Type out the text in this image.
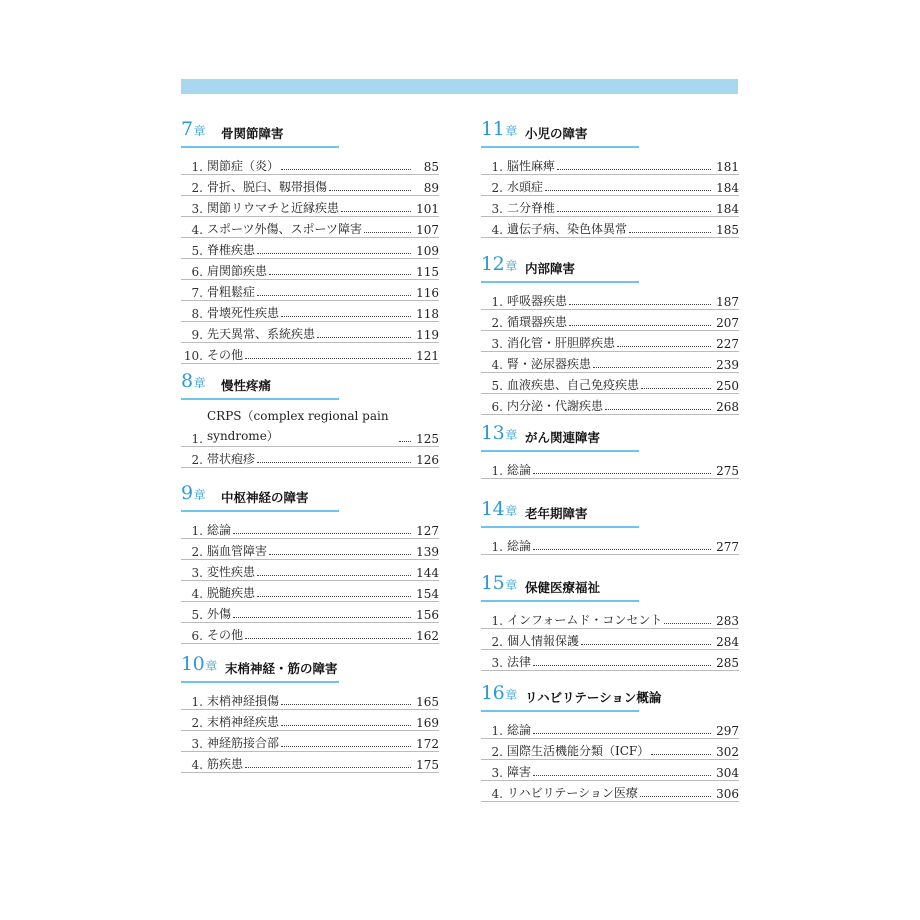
7章 骨関節障害
1. 関節症（炎）	85
2. 骨折、脱臼、靱帯損傷	89
3. 関節リウマチと近縁疾患	101
4. スポーツ外傷、スポーツ障害	107
5. 脊椎疾患	109
6. 肩関節疾患	115
7. 骨粗鬆症	116
8. 骨壊死性疾患	118
9. 先天異常、系統疾患	119
10. その他	121
8章 慢性疼痛
1.
CRPS（complex regional pain syndrome）	125
2. 帯状疱疹	126
9章 中枢神経の障害
1. 総論	127
2. 脳血管障害	139
3. 変性疾患	144
4. 脱髄疾患	154
5. 外傷	156
6. その他	162
10章 末梢神経・筋の障害
1. 末梢神経損傷	165
2. 末梢神経疾患	169
3. 神経筋接合部	172
4. 筋疾患	175
11章 小児の障害
1. 脳性麻痺	181
2. 水頭症	184
3. 二分脊椎	184
4. 遺伝子病、染色体異常	185
12章 内部障害
1. 呼吸器疾患	187
2. 循環器疾患	207
3. 消化管・肝胆膵疾患	227
4. 腎・泌尿器疾患	239
5. 血液疾患、自己免疫疾患	250
6. 内分泌・代謝疾患	268
13章 がん関連障害
1. 総論	275
14章 老年期障害
1. 総論	277
15章 保健医療福祉
1. インフォームド・コンセント	283
2. 個人情報保護	284
3. 法律	285
16章 リハビリテーション概論
1. 総論	297
2. 国際生活機能分類（ICF）	302
3. 障害	304
4. リハビリテーション医療	306
